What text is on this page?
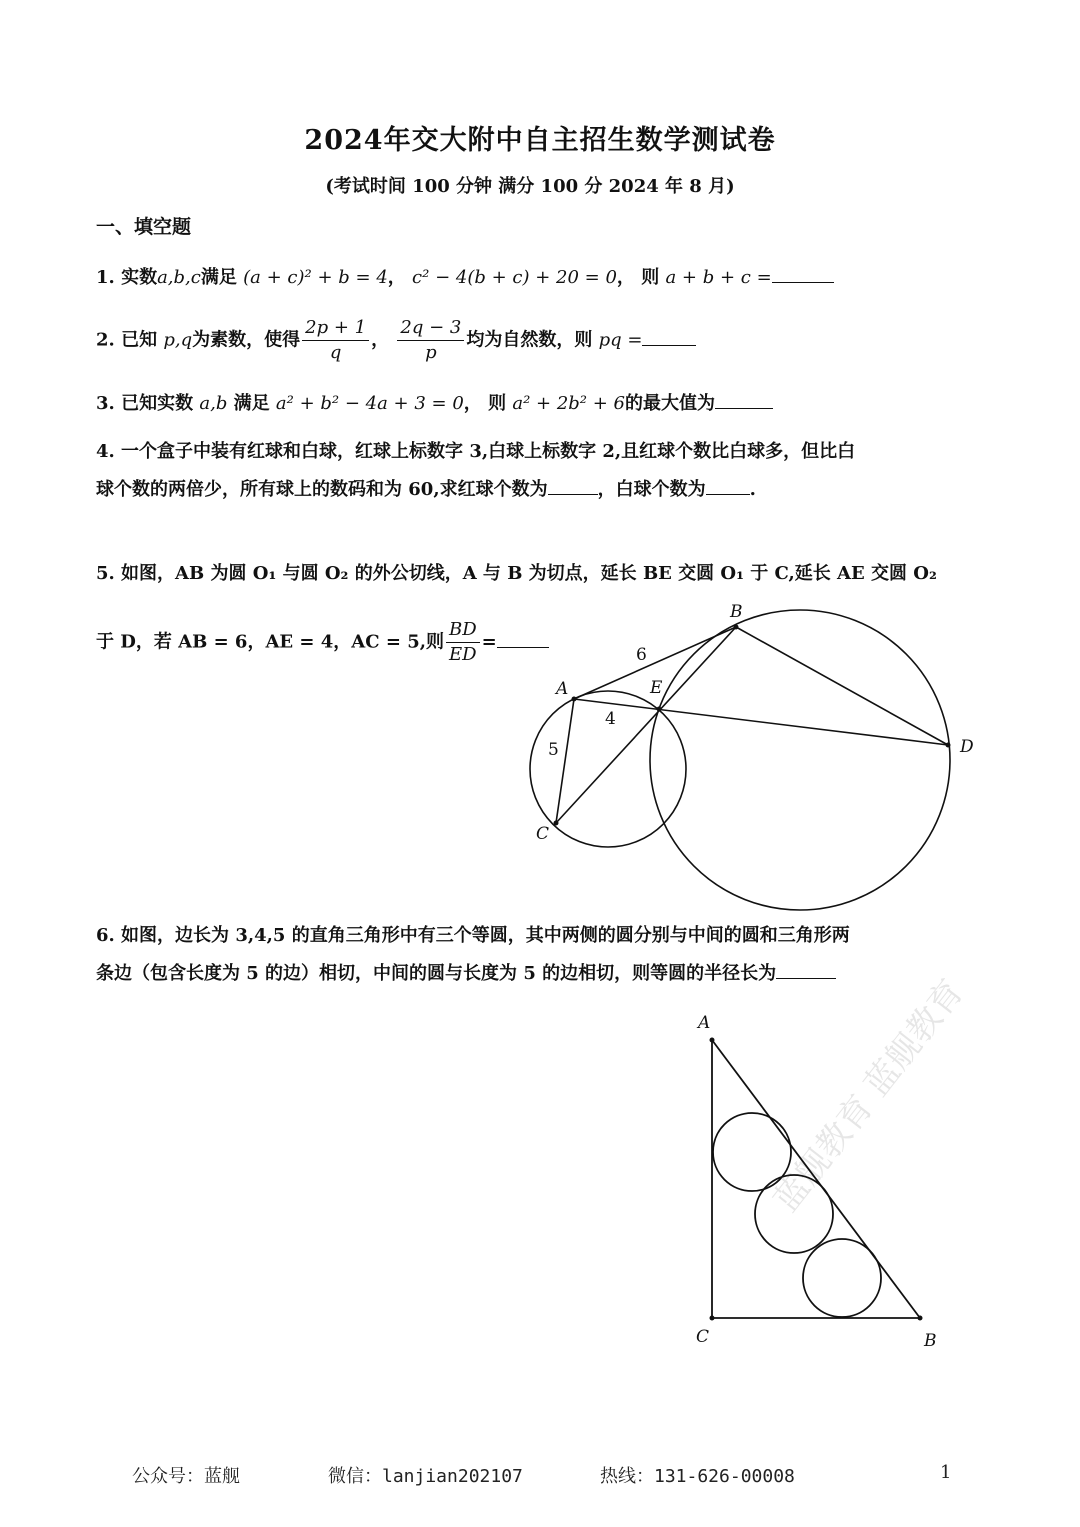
蓝舰教育 蓝舰教育
2024年交大附中自主招生数学测试卷
(考试时间 100 分钟 满分 100 分 2024 年 8 月)
一、填空题
1. 实数a,b,c满足 (a + c)² + b = 4， c² − 4(b + c) + 20 = 0， 则 a + b + c =
2. 已知 p,q为素数，使得 $\frac{2p + 1}{q}$ ， $\frac{2q - 3}{p}$ 均为自然数，则 pq =
3. 已知实数 a,b 满足 a² + b² − 4a + 3 = 0， 则 a² + 2b² + 6的最大值为
4. 一个盒子中装有红球和白球，红球上标数字 3,白球上标数字 2,且红球个数比白球多，但比白
球个数的两倍少，所有球上的数码和为 60,求红球个数为	，白球个数为 .
5. 如图，AB 为圆 O₁ 与圆 O₂ 的外公切线，A 与 B 为切点，延长 BE 交圆 O₁ 于 C,延长 AE 交圆 O₂
于 D，若 AB = 6，AE = 4，AC = 5,则 $\frac{BD}{ED}$ =
A
B
C
D
E
6
4
5
A
C	B
6. 如图，边长为 3,4,5 的直角三角形中有三个等圆，其中两侧的圆分别与中间的圆和三角形两
条边（包含长度为 5 的边）相切，中间的圆与长度为 5 的边相切，则等圆的半径长为
公众号：蓝舰	微信：lanjian202107	热线：131-626-00008	1
